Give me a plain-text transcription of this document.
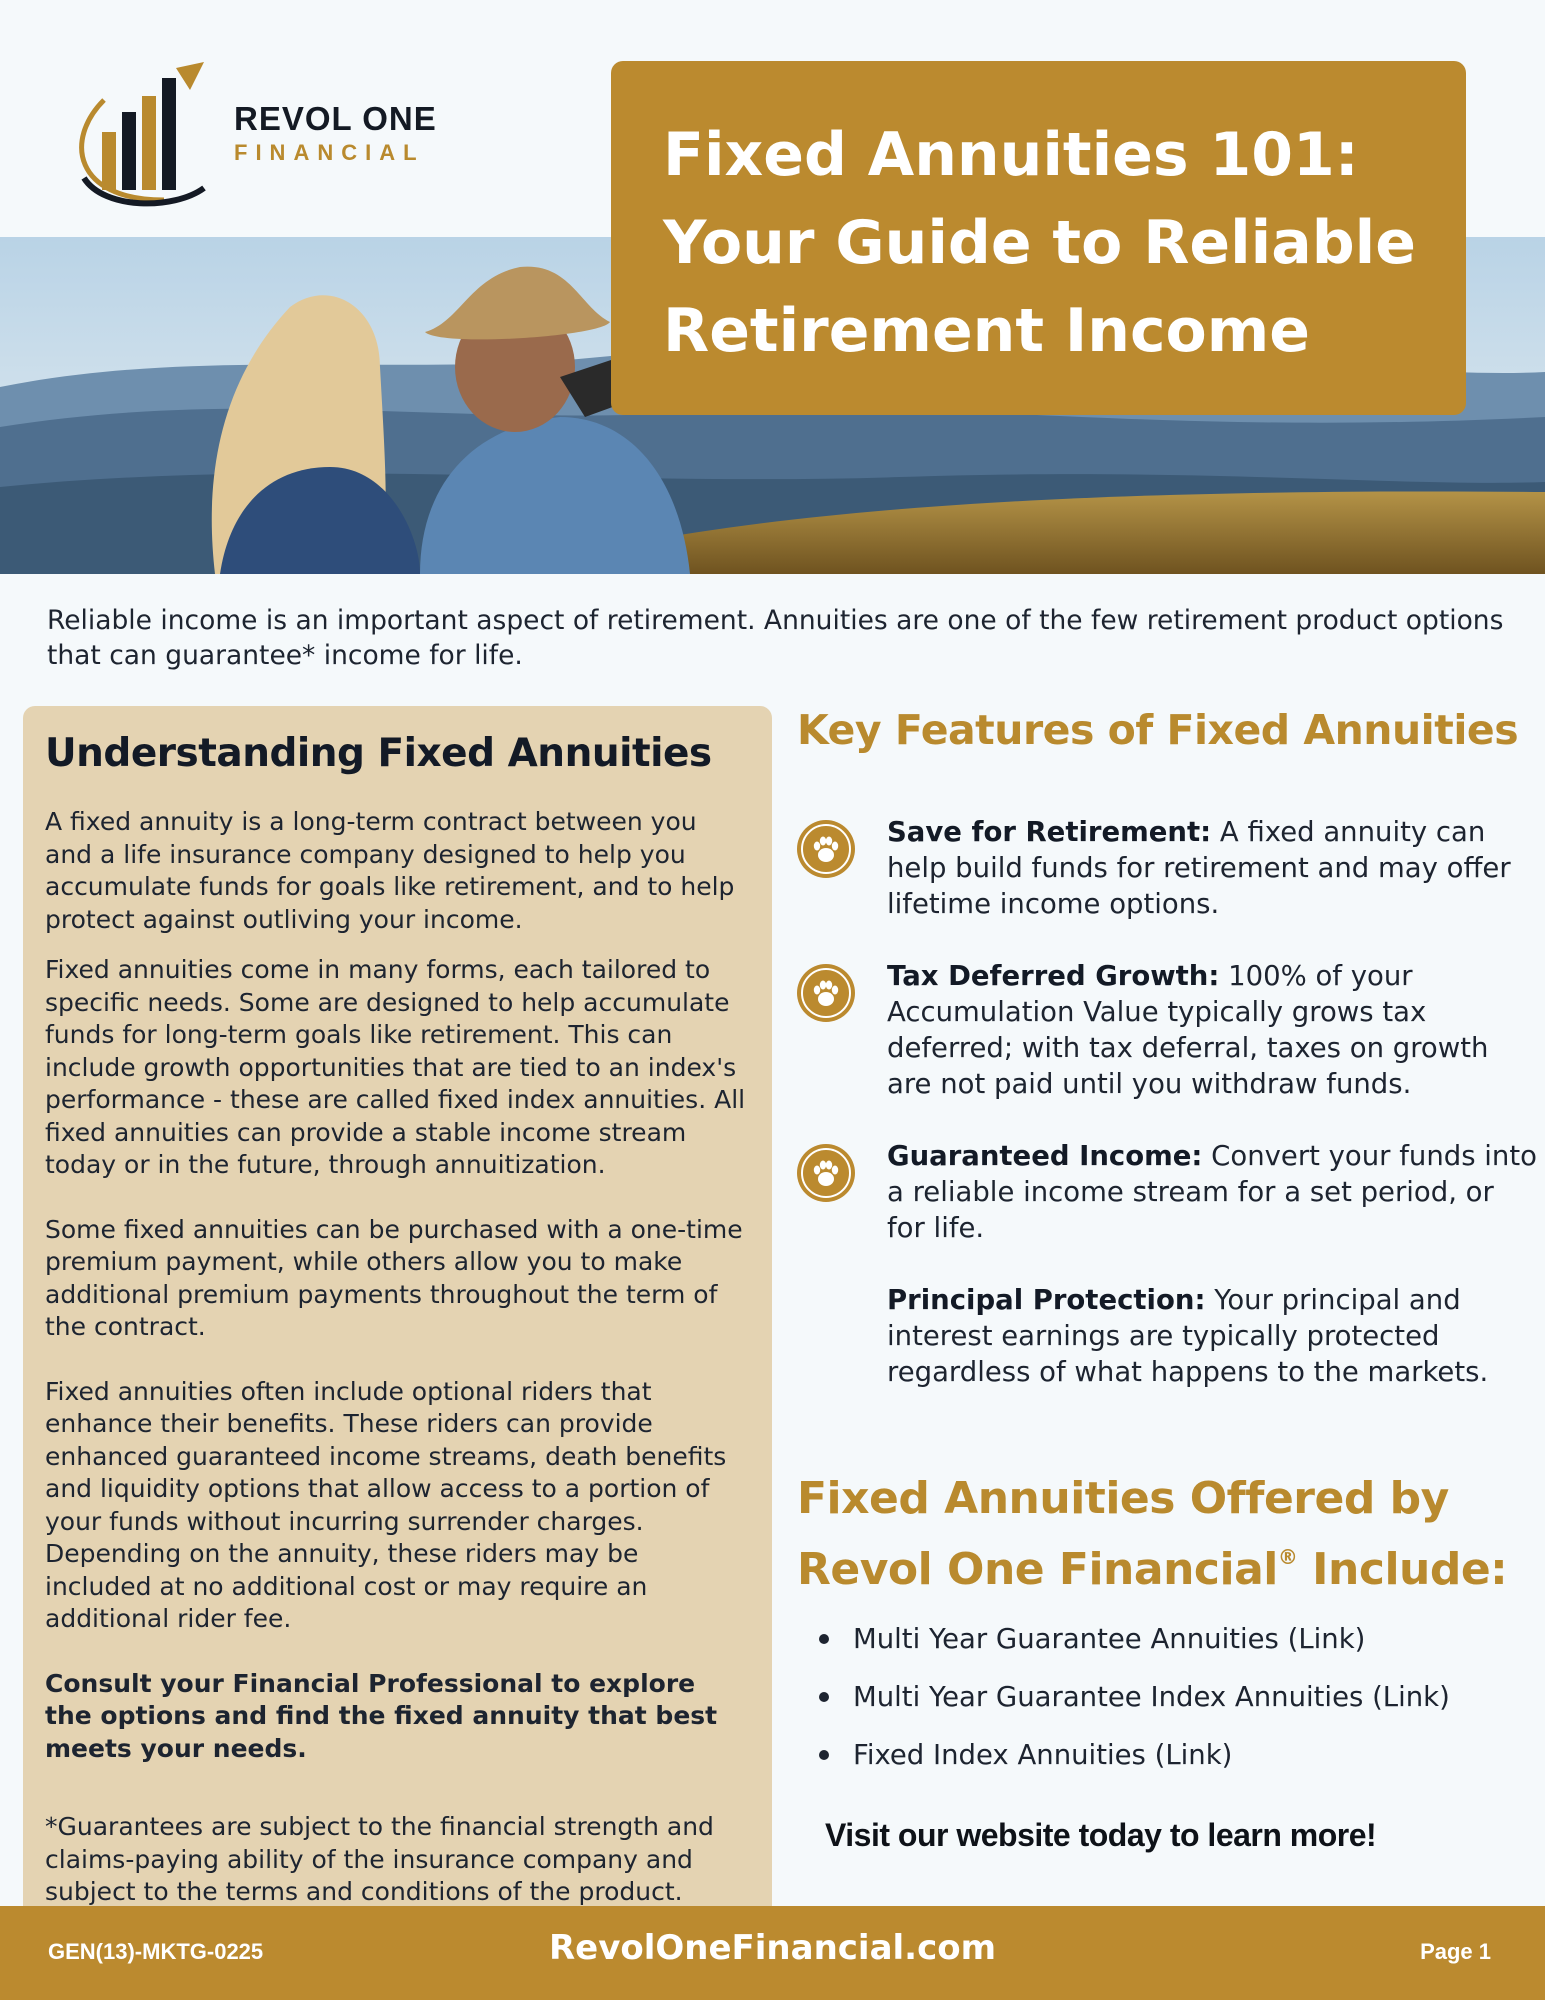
REVOL ONE
FINANCIAL	Fixed Annuities 101:
Your Guide to Reliable
Retirement Income

Reliable income is an important aspect of retirement. Annuities are one of the few retirement product options that can guarantee* income for life.

Understanding Fixed Annuities

A fixed annuity is a long-term contract between you and a life insurance company designed to help you accumulate funds for goals like retirement, and to help protect against outliving your income.

Fixed annuities come in many forms, each tailored to specific needs. Some are designed to help accumulate funds for long-term goals like retirement. This can include growth opportunities that are tied to an index's performance - these are called fixed index annuities. All fixed annuities can provide a stable income stream today or in the future, through annuitization.

Some fixed annuities can be purchased with a one-time premium payment, while others allow you to make additional premium payments throughout the term of the contract.

Fixed annuities often include optional riders that enhance their benefits. These riders can provide enhanced guaranteed income streams, death benefits and liquidity options that allow access to a portion of your funds without incurring surrender charges. Depending on the annuity, these riders may be included at no additional cost or may require an additional rider fee.

Consult your Financial Professional to explore the options and find the fixed annuity that best meets your needs.

*Guarantees are subject to the financial strength and claims-paying ability of the insurance company and subject to the terms and conditions of the product.

Key Features of Fixed Annuities
Save for Retirement: A fixed annuity can help build funds for retirement and may offer lifetime income options.
Tax Deferred Growth: 100% of your Accumulation Value typically grows tax deferred; with tax deferral, taxes on growth are not paid until you withdraw funds.
Guaranteed Income: Convert your funds into a reliable income stream for a set period, or for life.
Principal Protection: Your principal and interest earnings are typically protected regardless of what happens to the markets.
Fixed Annuities Offered by
Revol One Financial® Include:
Multi Year Guarantee Annuities (Link)
Multi Year Guarantee Index Annuities (Link)
Fixed Index Annuities (Link)
Visit our website today to learn more!
GEN(13)-MKTG-0225	RevolOneFinancial.com	Page 1
